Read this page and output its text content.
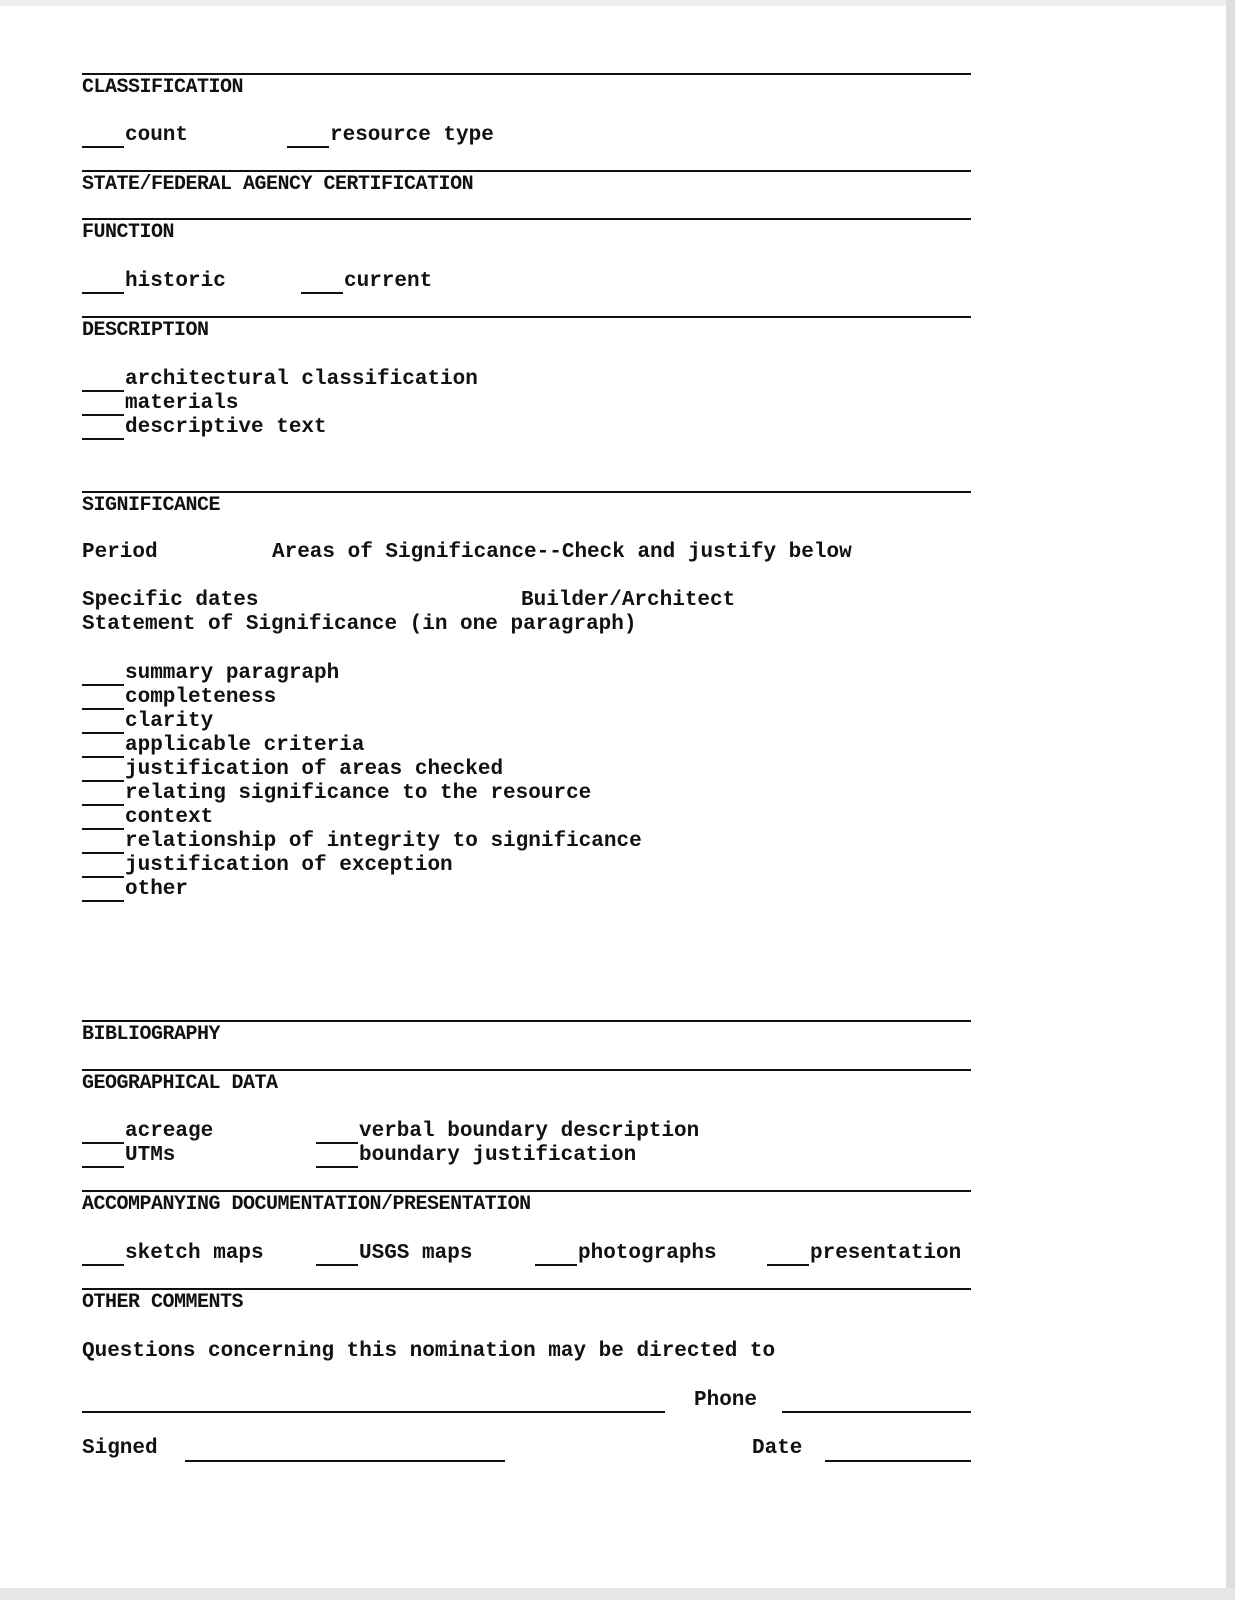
CLASSIFICATION
count	resource type
STATE/FEDERAL AGENCY CERTIFICATION
FUNCTION
historic	current
DESCRIPTION
architectural classification
materials
descriptive text
SIGNIFICANCE
Period	Areas of Significance--Check and justify below
Specific dates	Builder/Architect
Statement of Significance (in one paragraph)
summary paragraph
completeness
clarity
applicable criteria
justification of areas checked
relating significance to the resource
context
relationship of integrity to significance
justification of exception
other
BIBLIOGRAPHY
GEOGRAPHICAL DATA
acreage	verbal boundary description
UTMs	boundary justification
ACCOMPANYING DOCUMENTATION/PRESENTATION
sketch maps	USGS maps	photographs	presentation
OTHER COMMENTS
Questions concerning this nomination may be directed to
Phone
Signed	Date
